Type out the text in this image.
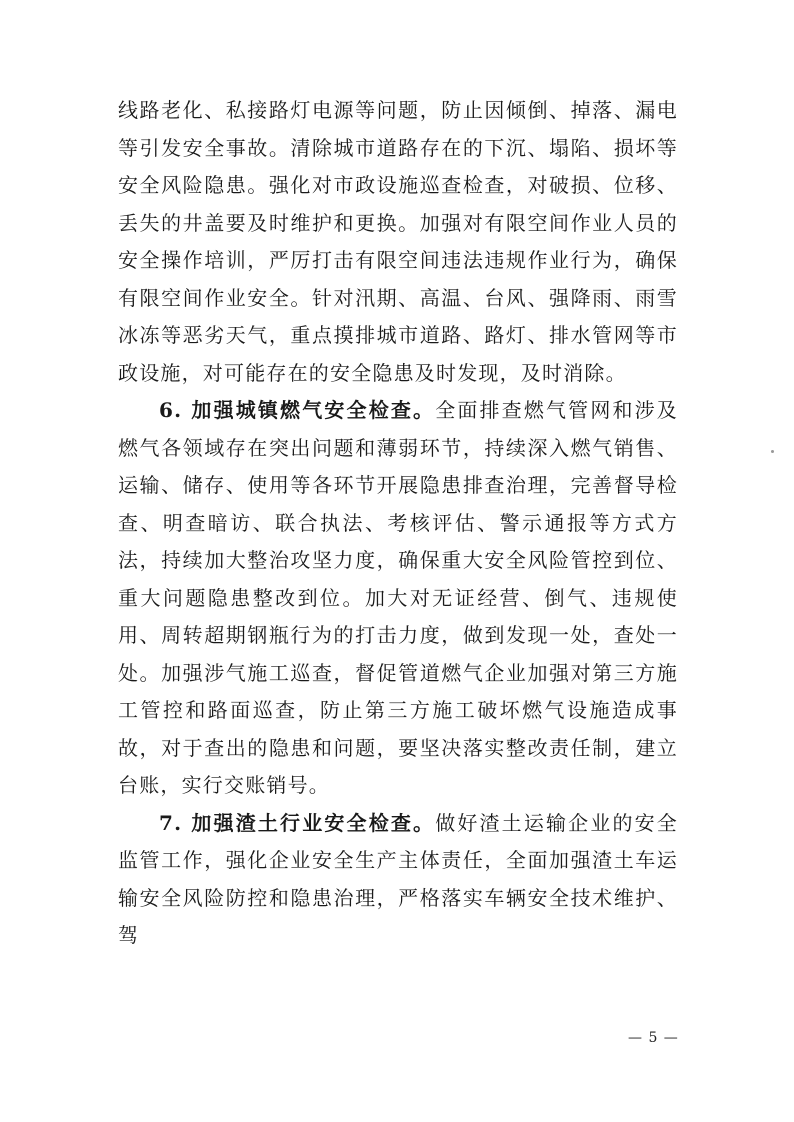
线路老化、私接路灯电源等问题，防止因倾倒、掉落、漏电等引发安全事故。清除城市道路存在的下沉、塌陷、损坏等安全风险隐患。强化对市政设施巡查检查，对破损、位移、丢失的井盖要及时维护和更换。加强对有限空间作业人员的安全操作培训，严厉打击有限空间违法违规作业行为，确保有限空间作业安全。针对汛期、高温、台风、强降雨、雨雪冰冻等恶劣天气，重点摸排城市道路、路灯、排水管网等市政设施，对可能存在的安全隐患及时发现，及时消除。

6. 加强城镇燃气安全检查。全面排查燃气管网和涉及燃气各领域存在突出问题和薄弱环节，持续深入燃气销售、运输、储存、使用等各环节开展隐患排查治理，完善督导检查、明查暗访、联合执法、考核评估、警示通报等方式方法，持续加大整治攻坚力度，确保重大安全风险管控到位、重大问题隐患整改到位。加大对无证经营、倒气、违规使用、周转超期钢瓶行为的打击力度，做到发现一处，查处一处。加强涉气施工巡查，督促管道燃气企业加强对第三方施工管控和路面巡查，防止第三方施工破坏燃气设施造成事故，对于查出的隐患和问题，要坚决落实整改责任制，建立台账，实行交账销号。

7. 加强渣土行业安全检查。做好渣土运输企业的安全监管工作，强化企业安全生产主体责任，全面加强渣土车运输安全风险防控和隐患治理，严格落实车辆安全技术维护、驾

— 5 —
